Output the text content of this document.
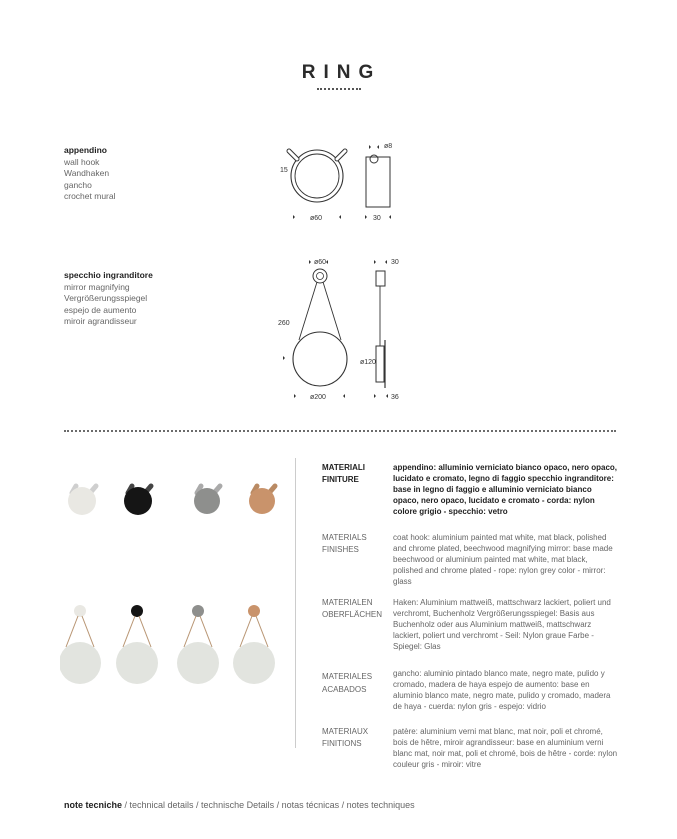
RING
appendino
wall hook
Wandhaken
gancho
crochet mural
15
ø60
ø8
30
specchio ingranditore
mirror magnifying
Vergrößerungsspiegel
espejo de aumento
miroir agrandisseur
ø60
260
ø200
30
ø120
36
MATERIALI
FINITURE
appendino: alluminio verniciato bianco opaco, nero opaco, lucidato e cromato, legno di faggio specchio ingranditore: base in legno di faggio e alluminio verniciato bianco opaco, nero opaco, lucidato e cromato - corda: nylon colore grigio - specchio: vetro
MATERIALS
FINISHES
coat hook: aluminium painted mat white, mat black, polished and chrome plated, beechwood magnifying mirror: base made beechwood or aluminium painted mat white, mat black, polished and chrome plated - rope: nylon grey color - mirror: glass
MATERIALEN
OBERFLÄCHEN
Haken: Aluminium mattweiß, mattschwarz lackiert, poliert und verchromt, Buchenholz Vergrößerungsspiegel: Basis aus Buchenholz oder aus Aluminium mattweiß, mattschwarz lackiert, poliert und verchromt - Seil: Nylon graue Farbe - Spiegel: Glas
MATERIALES
ACABADOS
gancho: aluminio pintado blanco mate, negro mate, pulido y cromado, madera de haya espejo de aumento: base en aluminio blanco mate, negro mate, pulido y cromado, madera de haya - cuerda: nylon gris - espejo: vidrio
MATERIAUX
FINITIONS
patère: aluminium verni mat blanc, mat noir, poli et chromé, bois de hêtre, miroir agrandisseur: base en aluminium verni blanc mat, noir mat, poli et chromé, bois de hêtre - corde: nylon couleur gris - miroir: vitre
note tecniche / technical details / technische Details / notas técnicas / notes techniques
